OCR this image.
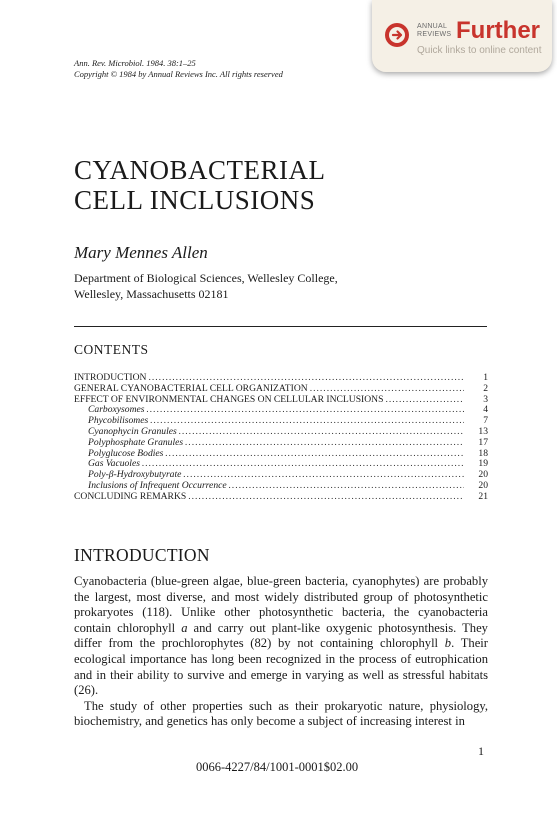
ANNUAL
REVIEWS Further
Quick links to online content
Ann. Rev. Microbiol. 1984. 38:1–25
Copyright © 1984 by Annual Reviews Inc. All rights reserved
CYANOBACTERIAL
CELL INCLUSIONS
Mary Mennes Allen
Department of Biological Sciences, Wellesley College,
Wellesley, Massachusetts 02181
CONTENTS
INTRODUCTION .....	1
GENERAL CYANOBACTERIAL CELL ORGANIZATION .....	2
EFFECT OF ENVIRONMENTAL CHANGES ON CELLULAR INCLUSIONS .....	3
Carboxysomes .....	4
Phycobilisomes .....	7
Cyanophycin Granules .....	13
Polyphosphate Granules .....	17
Polyglucose Bodies .....	18
Gas Vacuoles .....	19
Poly-β-Hydroxybutyrate .....	20
Inclusions of Infrequent Occurrence .....	20
CONCLUDING REMARKS .....	21
INTRODUCTION

Cyanobacteria (blue-green algae, blue-green bacteria, cyanophytes) are probably the largest, most diverse, and most widely distributed group of photosynthetic prokaryotes (118). Unlike other photosynthetic bacteria, the cyanobacteria contain chlorophyll a and carry out plant-like oxygenic photosynthesis. They differ from the prochlorophytes (82) by not containing chlorophyll b. Their ecological importance has long been recognized in the process of eutrophication and in their ability to survive and emerge in varying as well as stressful habitats (26).

The study of other properties such as their prokaryotic nature, physiology, biochemistry, and genetics has only become a subject of increasing interest in

1
0066-4227/84/1001-0001$02.00
